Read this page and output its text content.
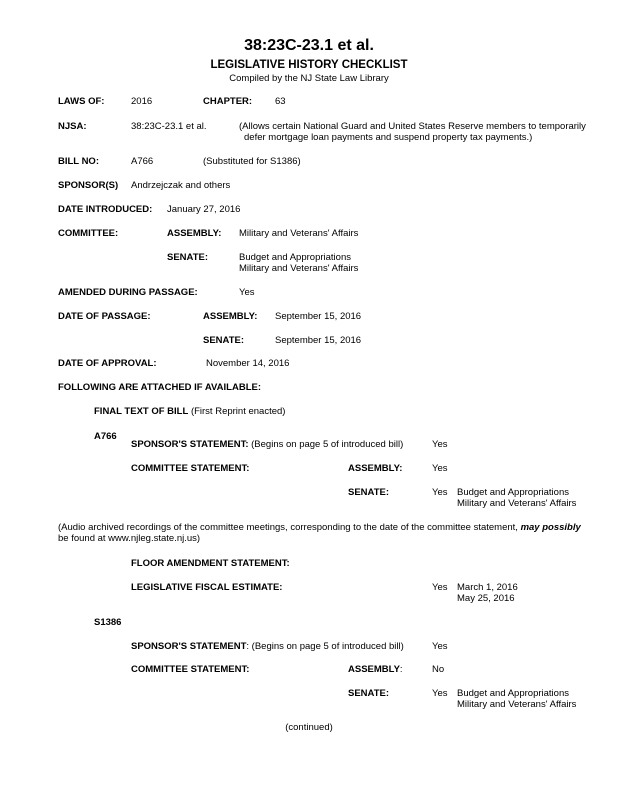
38:23C-23.1 et al.
LEGISLATIVE HISTORY CHECKLIST
Compiled by the NJ State Law Library
LAWS OF:	2016	CHAPTER: 63
NJSA:	38:23C-23.1 et al.	(Allows certain National Guard and United States Reserve members to temporarily
defer mortgage loan payments and suspend property tax payments.)
BILL NO:	A766	(Substituted for S1386)
SPONSOR(S) Andrzejczak and others
DATE INTRODUCED: January 27, 2016
COMMITTEE:	ASSEMBLY: Military and Veterans' Affairs
SENATE:	Budget and Appropriations
Military and Veterans' Affairs
AMENDED DURING PASSAGE:	Yes
DATE OF PASSAGE:	ASSEMBLY: September 15, 2016
SENATE:	September 15, 2016
DATE OF APPROVAL:	November 14, 2016
FOLLOWING ARE ATTACHED IF AVAILABLE:
FINAL TEXT OF BILL (First Reprint enacted)
A766
SPONSOR'S STATEMENT: (Begins on page 5 of introduced bill)	Yes
COMMITTEE STATEMENT:	ASSEMBLY:	Yes
SENATE:	Yes Budget and Appropriations
Military and Veterans' Affairs
(Audio archived recordings of the committee meetings, corresponding to the date of the committee statement, may possibly
be found at www.njleg.state.nj.us)
FLOOR AMENDMENT STATEMENT:
LEGISLATIVE FISCAL ESTIMATE:	Yes March 1, 2016
May 25, 2016
S1386
SPONSOR'S STATEMENT: (Begins on page 5 of introduced bill)	Yes
COMMITTEE STATEMENT:	ASSEMBLY:	No
SENATE:	Yes Budget and Appropriations
Military and Veterans' Affairs
(continued)
